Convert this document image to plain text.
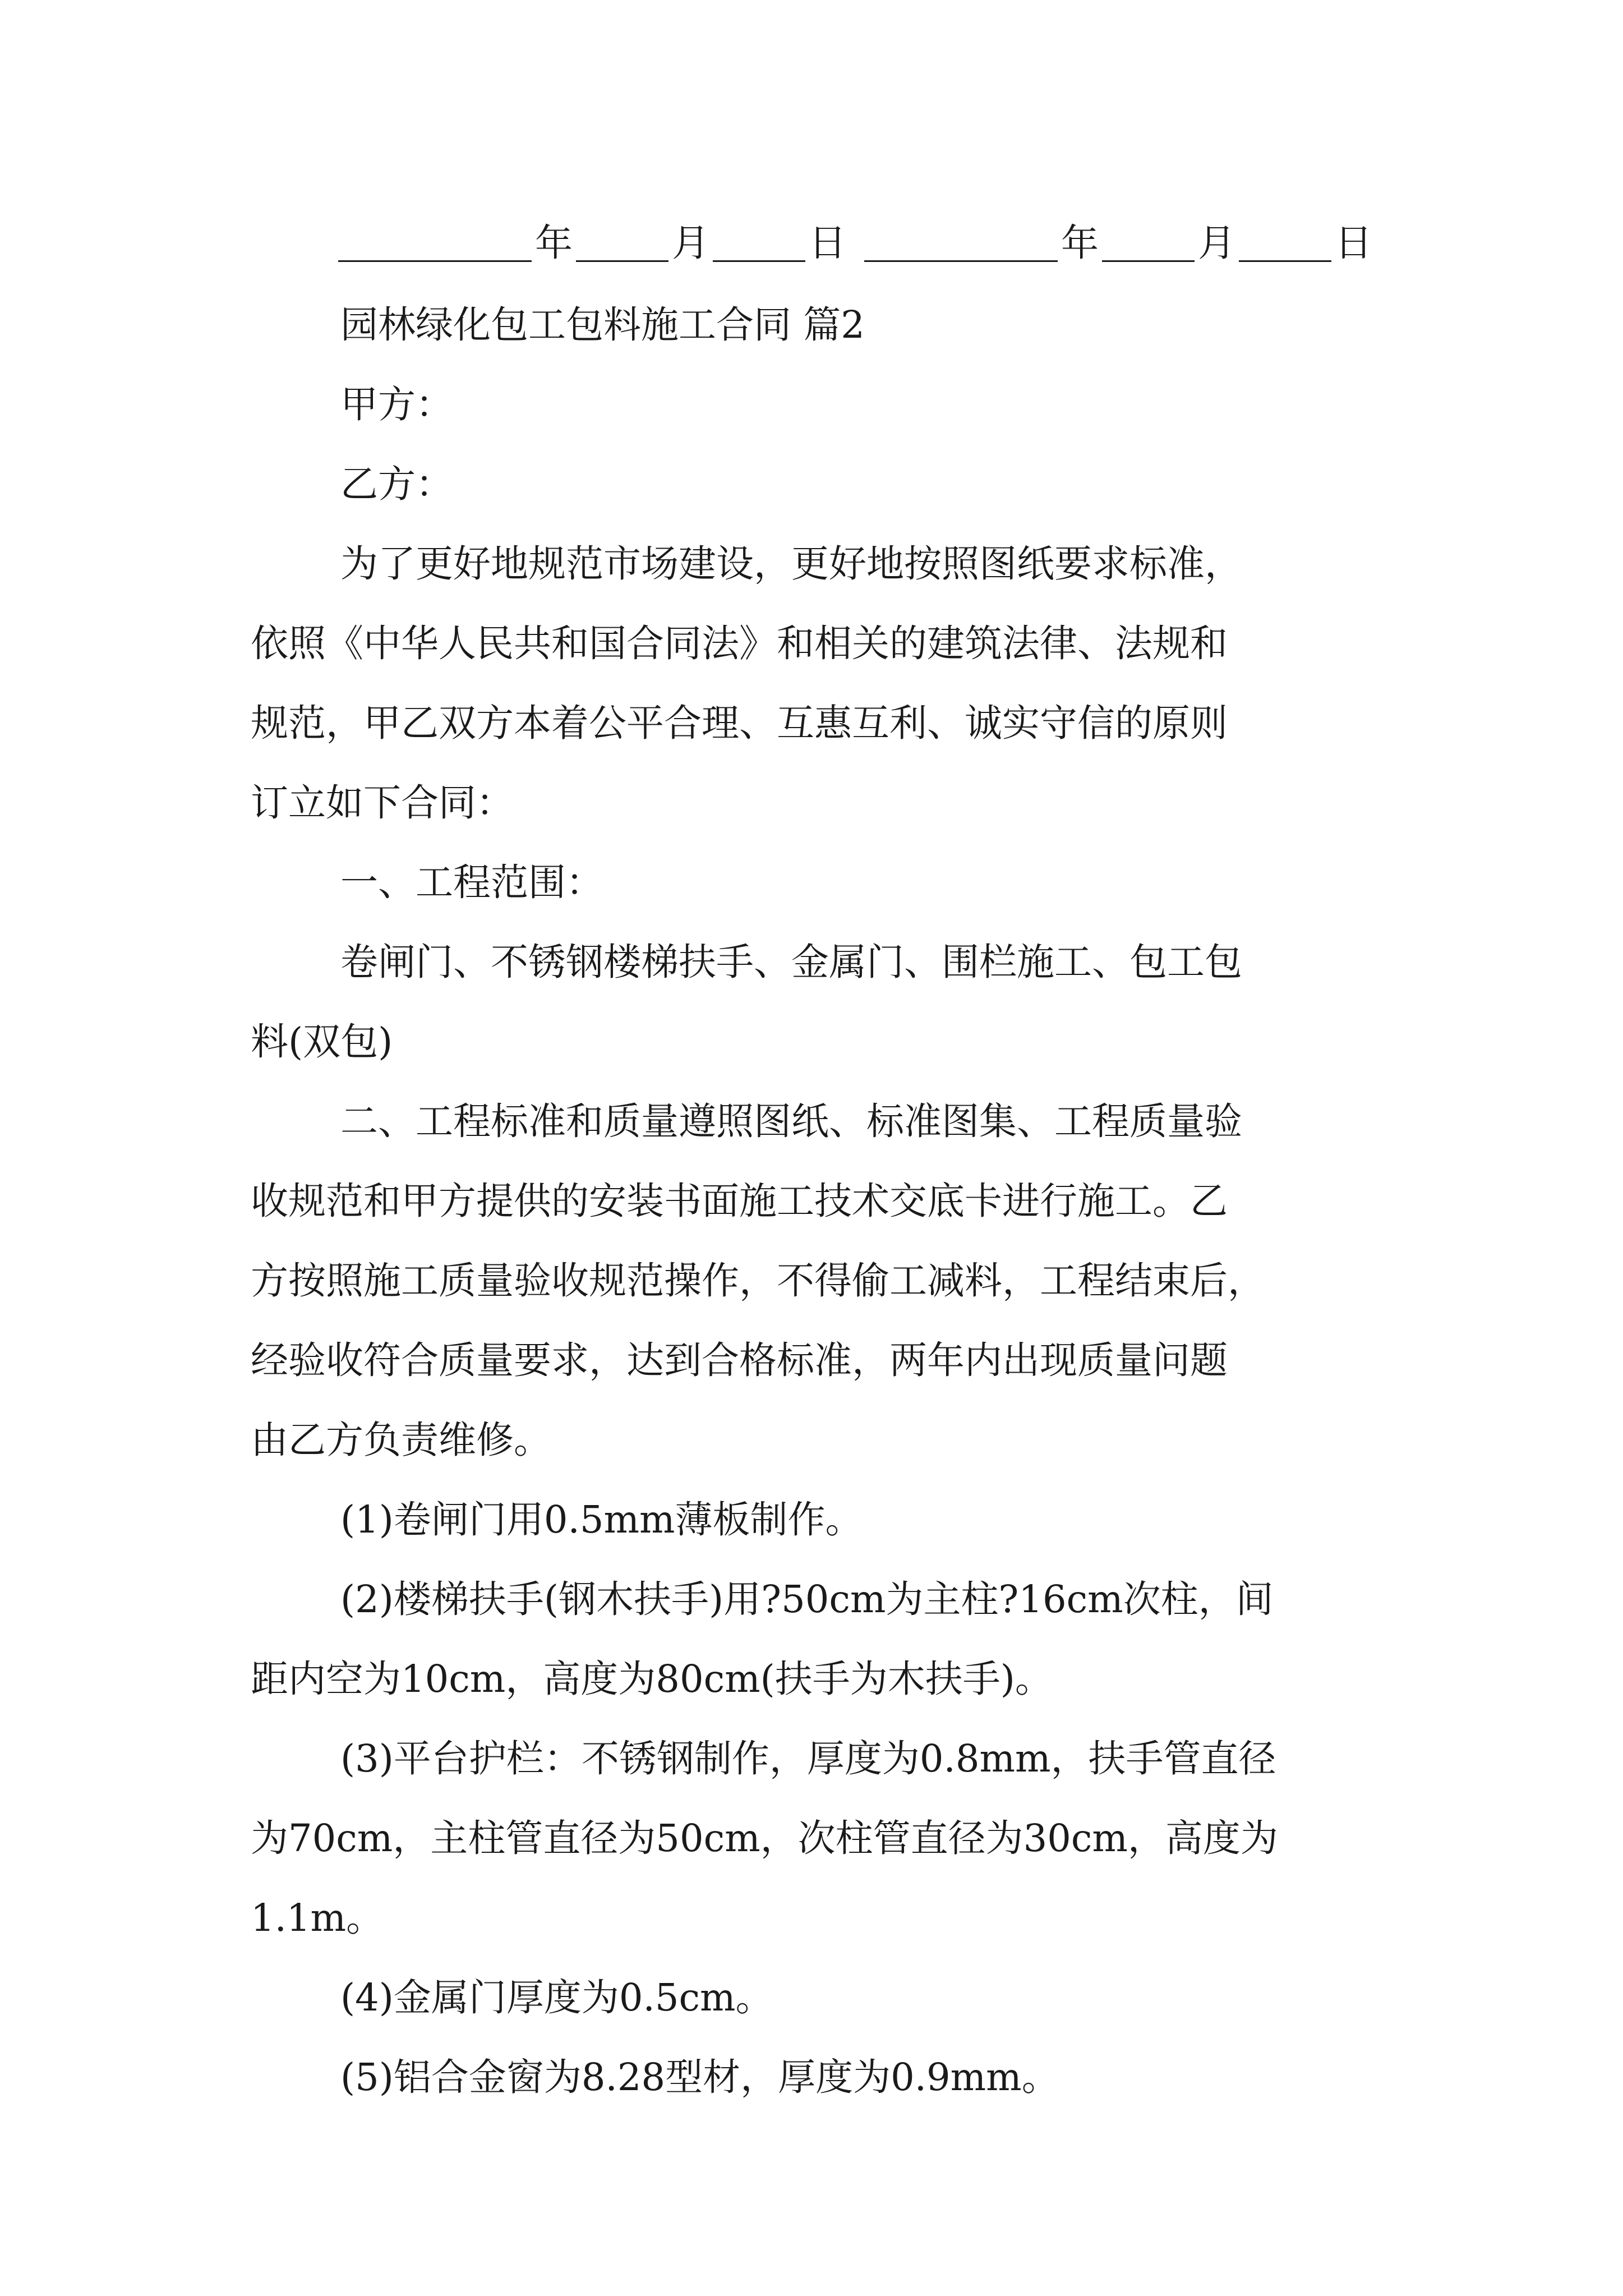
年	月	日	年	月	日

园林绿化包工包料施工合同 篇2

甲方：

乙方：

为了更好地规范市场建设，更好地按照图纸要求标准，

依照《中华人民共和国合同法》和相关的建筑法律、法规和

规范，甲乙双方本着公平合理、互惠互利、诚实守信的原则

订立如下合同：

一、工程范围：

卷闸门、不锈钢楼梯扶手、金属门、围栏施工、包工包

料(双包)

二、工程标准和质量遵照图纸、标准图集、工程质量验

收规范和甲方提供的安装书面施工技术交底卡进行施工。乙

方按照施工质量验收规范操作，不得偷工减料，工程结束后，

经验收符合质量要求，达到合格标准，两年内出现质量问题

由乙方负责维修。

(1)卷闸门用0.5mm薄板制作。

(2)楼梯扶手(钢木扶手)用?50cm为主柱?16cm次柱，间

距内空为10cm，高度为80cm(扶手为木扶手)。

(3)平台护栏：不锈钢制作，厚度为0.8mm，扶手管直径

为70cm，主柱管直径为50cm，次柱管直径为30cm，高度为

1.1m。

(4)金属门厚度为0.5cm。

(5)铝合金窗为8.28型材，厚度为0.9mm。
